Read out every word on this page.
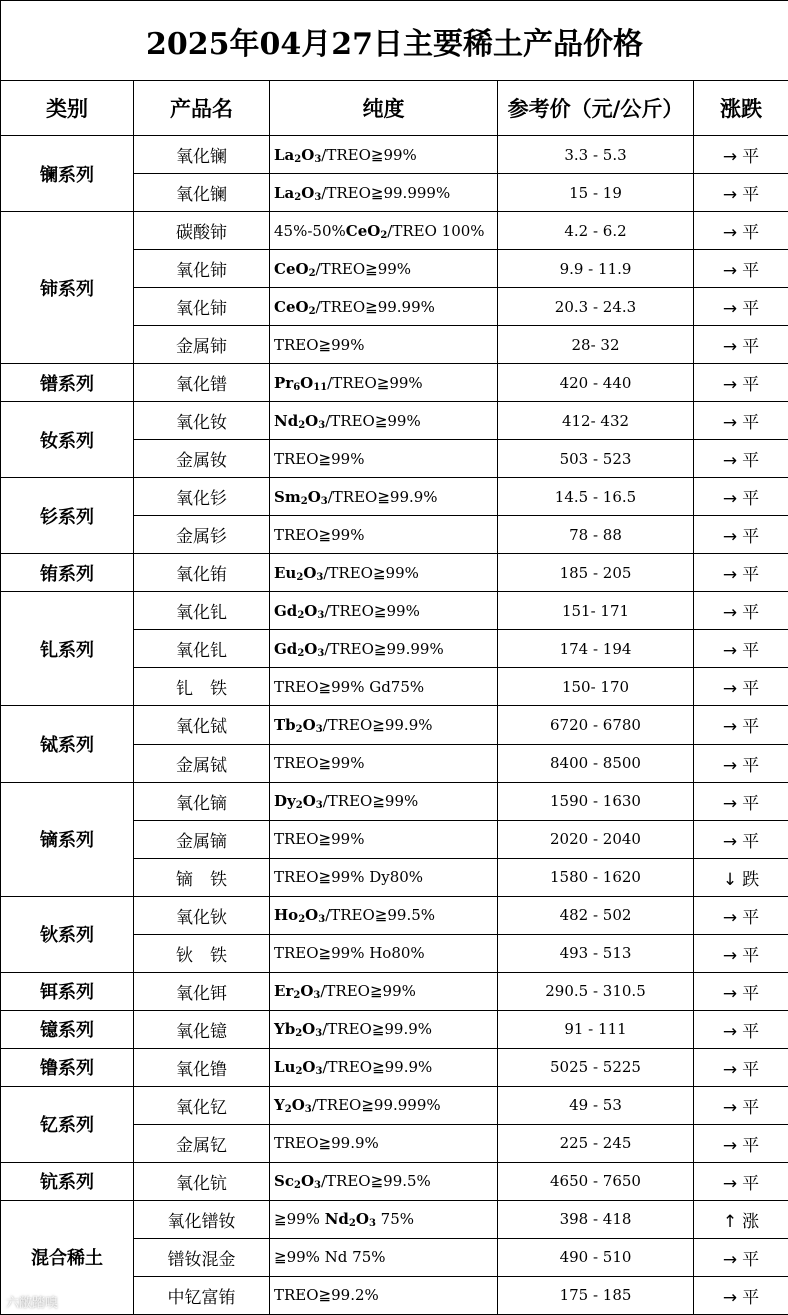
2025年04月27日主要稀土产品价格				
类别	产品名	纯度	参考价（元/公斤）	涨跌
镧系列	氧化镧	$La_2O_3/TREO≧99\%$	3.3 - 5.3	→ 平
	氧化镧	$La_2O_3/TREO≧99.999\%$	15 - 19	→ 平
铈系列	碳酸铈	45%-50%CeO$_2$/TREO 100%	4.2 - 6.2	→ 平
	氧化铈	CeO$_2$/TREO≧99%	9.9 - 11.9	→ 平
	氧化铈	CeO$_2$/TREO≧99.99%	20.3 - 24.3	→ 平
	金属铈	TREO≧99%	28- 32	→ 平
镨系列	氧化镨	$Pr_6O_{11}/TREO≧99\%$	420 - 440	→ 平
钕系列	氧化钕	$Nd_2O_3/TREO≧99\%$	412- 432	→ 平
	金属钕	TREO≧99%	503 - 523	→ 平
钐系列	氧化钐	$Sm_2O_3/TREO≧99.9\%$	14.5 - 16.5	→ 平
	金属钐	TREO≧99%	78 - 88	→ 平
铕系列	氧化铕	$Eu_2O_3/TREO≧99\%$	185 - 205	→ 平
钆系列	氧化钆	$Gd_2O_3/TREO≧99\%$	151- 171	→ 平
	氧化钆	$Gd_2O_3/TREO≧99.99\%$	174 - 194	→ 平
	钆　铁	TREO≧99% Gd75%	150- 170	→ 平
铽系列	氧化铽	$Tb_2O_3/TREO≧99.9\%$	6720 - 6780	→ 平
	金属铽	TREO≧99%	8400 - 8500	→ 平
镝系列	氧化镝	$Dy_2O_3/TREO≧99\%$	1590 - 1630	→ 平
	金属镝	TREO≧99%	2020 - 2040	→ 平
	镝　铁	TREO≧99% Dy80%	1580 - 1620	↓ 跌
钬系列	氧化钬	$Ho_2O_3/TREO≧99.5\%$	482 - 502	→ 平
	钬　铁	TREO≧99% Ho80%	493 - 513	→ 平
铒系列	氧化铒	$Er_2O_3/TREO≧99\%$	290.5 - 310.5	→ 平
镱系列	氧化镱	$Yb_2O_3/TREO≧99.9\%$	91 - 111	→ 平
镥系列	氧化镥	$Lu_2O_3/TREO≧99.9\%$	5025 - 5225	→ 平
钇系列	氧化钇	$Y_2O_3/TREO≧99.999\%$	49 - 53	→ 平
	金属钇	TREO≧99.9%	225 - 245	→ 平
钪系列	氧化钪	$Sc_2O_3/TREO≧99.5\%$	4650 - 7650	→ 平
混合稀土	氧化镨钕	≧99% $Nd_2O_3$ 75%	398 - 418	↑ 涨
	镨钕混金	≧99% Nd 75%	490 - 510	→ 平
	中钇富铕	TREO≧99.2%	175 - 185	→ 平
六敝踏嗅
